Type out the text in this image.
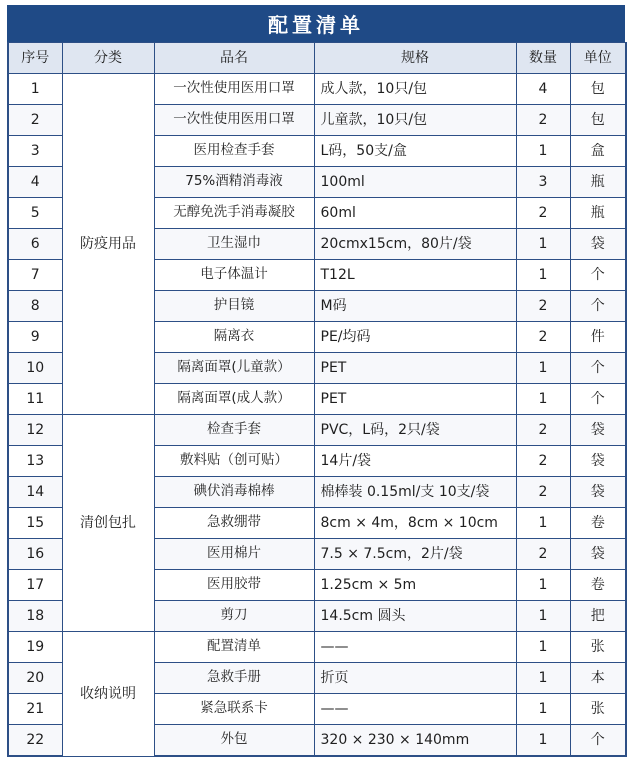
配置清单
序号	分类	品名	规格	数量	单位
1	防疫用品	一次性使用医用口罩	成人款，10只/包	4	包
2		一次性使用医用口罩	儿童款，10只/包	2	包
3		医用检查手套	L码，50支/盒	1	盒
4		75%酒精消毒液	100ml	3	瓶
5		无醇免洗手消毒凝胶	60ml	2	瓶
6		卫生湿巾	20cmx15cm，80片/袋	1	袋
7		电子体温计	T12L	1	个
8		护目镜	M码	2	个
9		隔离衣	PE/均码	2	件
10		隔离面罩(儿童款）	PET	1	个
11		隔离面罩(成人款）	PET	1	个
12	清创包扎	检查手套	PVC，L码，2只/袋	2	袋
13		敷料贴（创可贴）	14片/袋	2	袋
14		碘伏消毒棉棒	棉棒装 0.15ml/支 10支/袋	2	袋
15		急救绷带	8cm × 4m，8cm × 10cm	1	卷
16		医用棉片	7.5 × 7.5cm，2片/袋	2	袋
17		医用胶带	1.25cm × 5m	1	卷
18		剪刀	14.5cm 圆头	1	把
19	收纳说明	配置清单	——	1	张
20		急救手册	折页	1	本
21		紧急联系卡	——	1	张
22		外包	320 × 230 × 140mm	1	个
